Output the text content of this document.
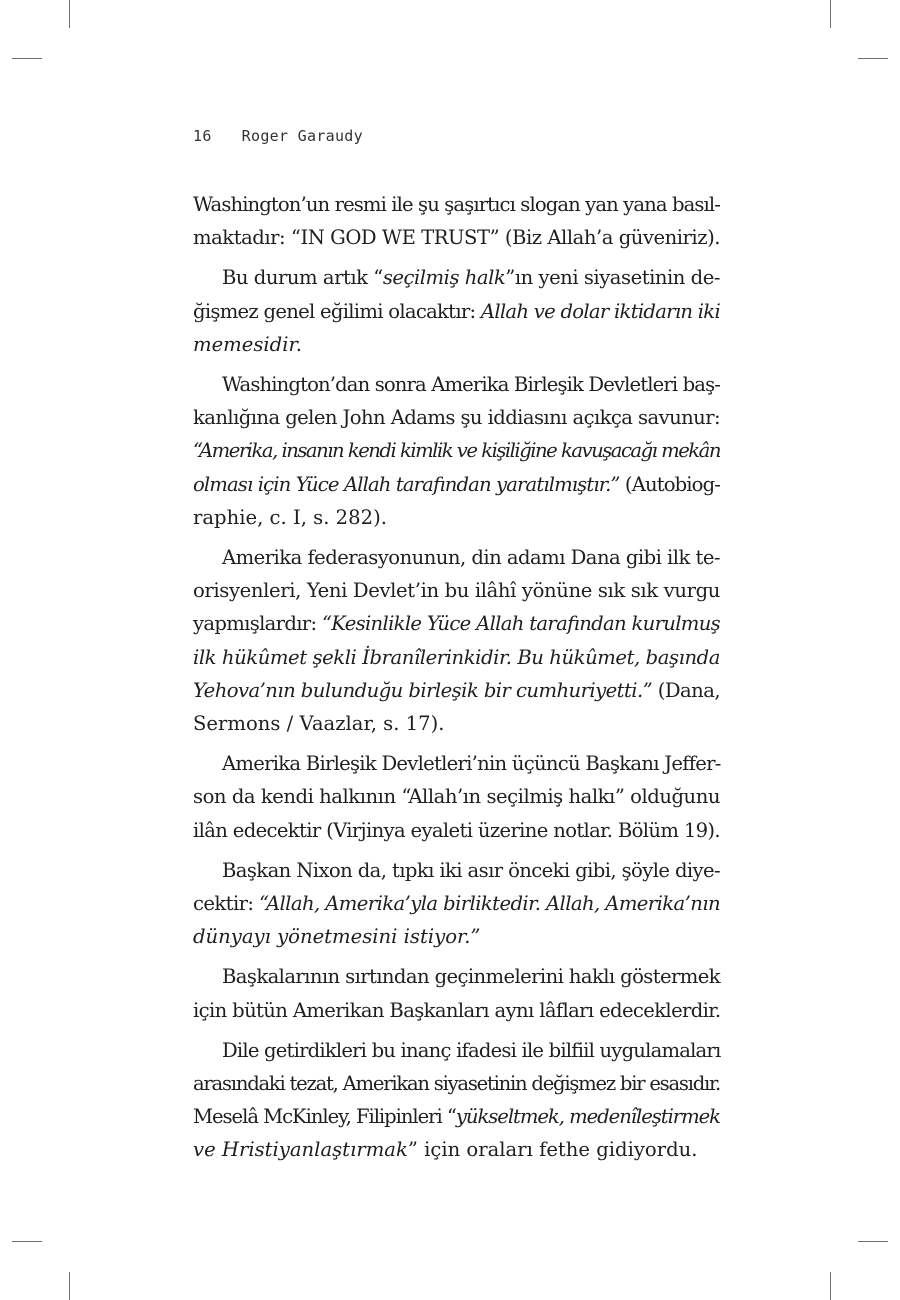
16 Roger Garaudy
Washington’un resmi ile şu şaşırtıcı slogan yan yana basıl-
maktadır: “IN GOD WE TRUST” (Biz Allah’a güveniriz).
Bu durum artık “seçilmiş halk”ın yeni siyasetinin de-
ğişmez genel eğilimi olacaktır: Allah ve dolar iktidarın iki
memesidir.
Washington’dan sonra Amerika Birleşik Devletleri baş-
kanlığına gelen John Adams şu iddiasını açıkça savunur:
“Amerika, insanın kendi kimlik ve kişiliğine kavuşacağı mekân
olması için Yüce Allah tarafından yaratılmıştır.” (Autobiog-
raphie, c. I, s. 282).
Amerika federasyonunun, din adamı Dana gibi ilk te-
orisyenleri, Yeni Devlet’in bu ilâhî yönüne sık sık vurgu
yapmışlardır: “Kesinlikle Yüce Allah tarafından kurulmuş
ilk hükûmet şekli İbranîlerinkidir. Bu hükûmet, başında
Yehova’nın bulunduğu birleşik bir cumhuriyetti.” (Dana,
Sermons / Vaazlar, s. 17).
Amerika Birleşik Devletleri’nin üçüncü Başkanı Jeffer-
son da kendi halkının “Allah’ın seçilmiş halkı” olduğunu
ilân edecektir (Virjinya eyaleti üzerine notlar. Bölüm 19).
Başkan Nixon da, tıpkı iki asır önceki gibi, şöyle diye-
cektir: “Allah, Amerika’yla birliktedir. Allah, Amerika’nın
dünyayı yönetmesini istiyor.”
Başkalarının sırtından geçinmelerini haklı göstermek
için bütün Amerikan Başkanları aynı lâfları edeceklerdir.
Dile getirdikleri bu inanç ifadesi ile bilfiil uygulamaları
arasındaki tezat, Amerikan siyasetinin değişmez bir esasıdır.
Meselâ McKinley, Filipinleri “yükseltmek, medenîleştirmek
ve Hristiyanlaştırmak” için oraları fethe gidiyordu.
